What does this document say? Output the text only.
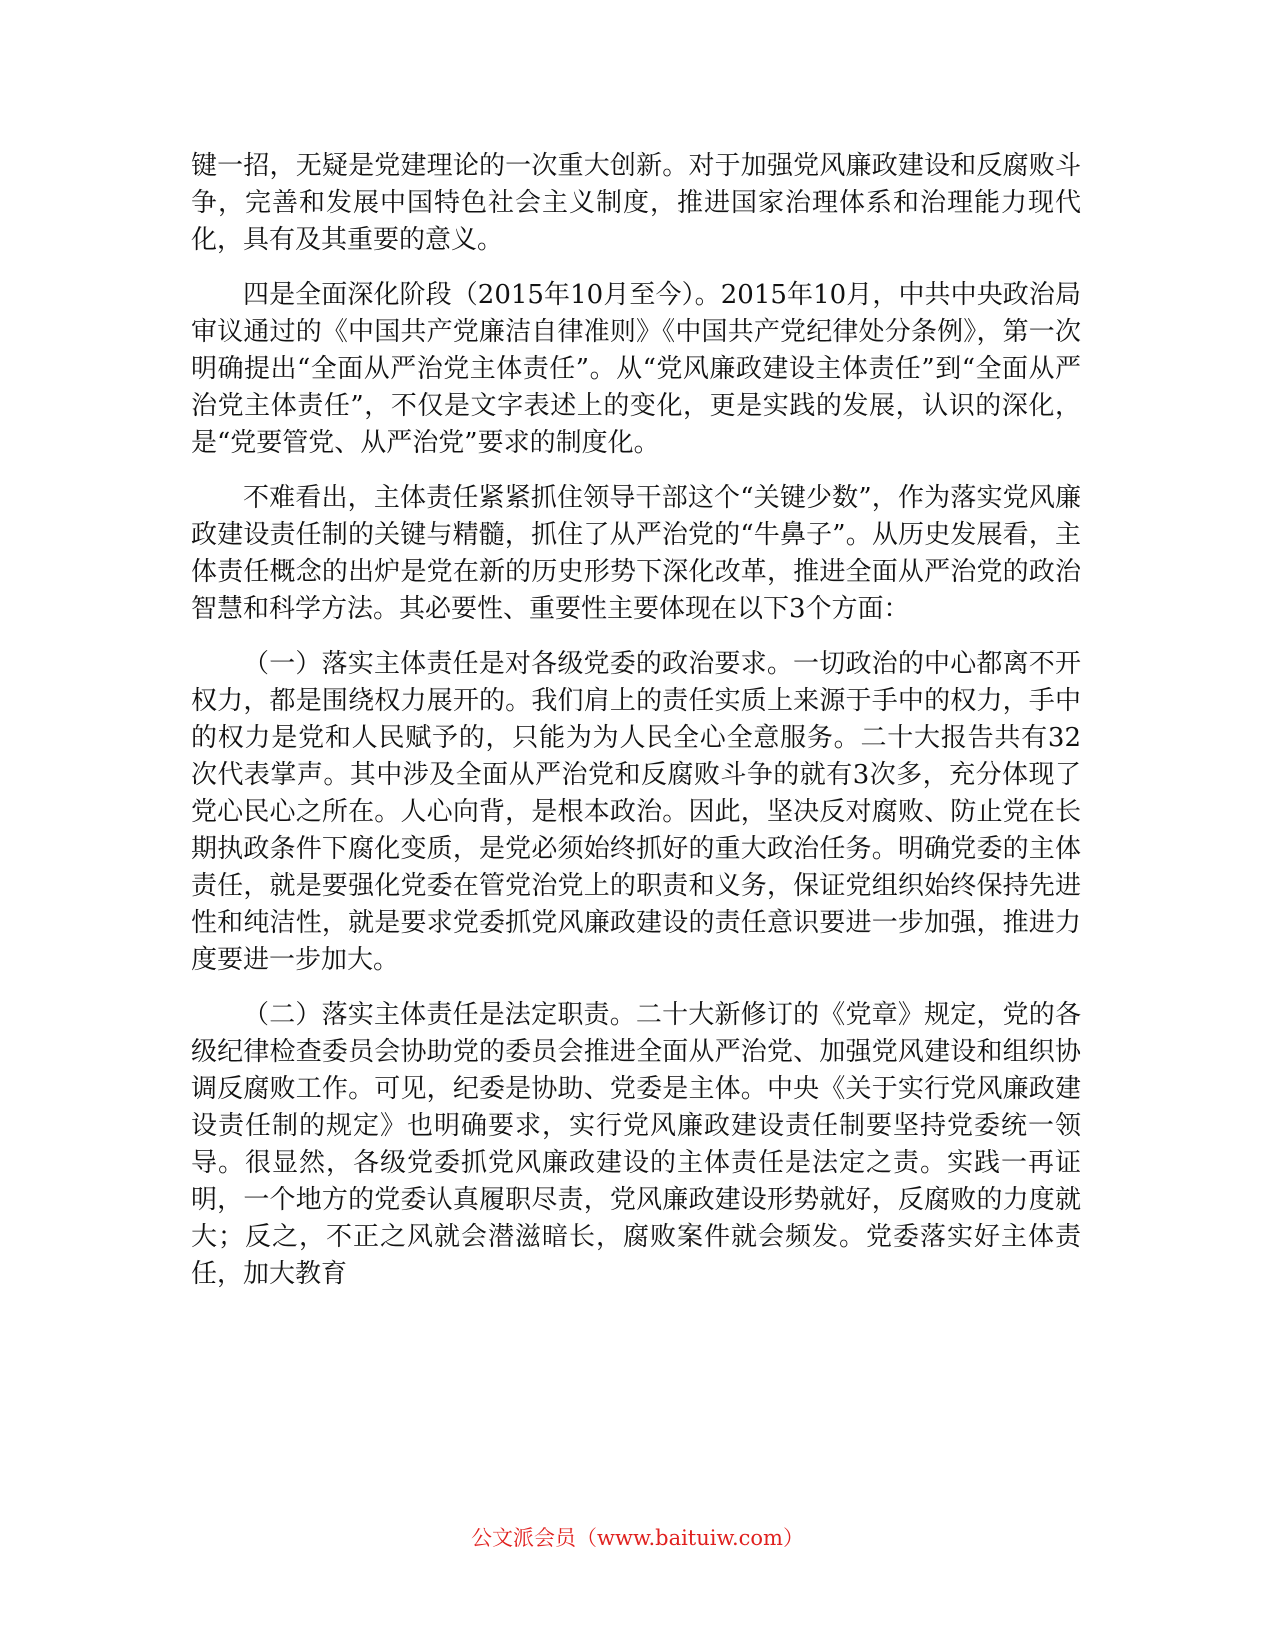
键一招，无疑是党建理论的一次重大创新。对于加强党风廉政建设和反腐败斗争，完善和发展中国特色社会主义制度，推进国家治理体系和治理能力现代化，具有及其重要的意义。

四是全面深化阶段（2015年10月至今）。2015年10月，中共中央政治局审议通过的《中国共产党廉洁自律准则》《中国共产党纪律处分条例》，第一次明确提出“全面从严治党主体责任”。从“党风廉政建设主体责任”到“全面从严治党主体责任”，不仅是文字表述上的变化，更是实践的发展，认识的深化，是“党要管党、从严治党”要求的制度化。

不难看出，主体责任紧紧抓住领导干部这个“关键少数”，作为落实党风廉政建设责任制的关键与精髓，抓住了从严治党的“牛鼻子”。从历史发展看，主体责任概念的出炉是党在新的历史形势下深化改革，推进全面从严治党的政治智慧和科学方法。其必要性、重要性主要体现在以下3个方面：

（一）落实主体责任是对各级党委的政治要求。一切政治的中心都离不开权力，都是围绕权力展开的。我们肩上的责任实质上来源于手中的权力，手中的权力是党和人民赋予的，只能为为人民全心全意服务。二十大报告共有32次代表掌声。其中涉及全面从严治党和反腐败斗争的就有3次多，充分体现了党心民心之所在。人心向背，是根本政治。因此，坚决反对腐败、防止党在长期执政条件下腐化变质，是党必须始终抓好的重大政治任务。明确党委的主体责任，就是要强化党委在管党治党上的职责和义务，保证党组织始终保持先进性和纯洁性，就是要求党委抓党风廉政建设的责任意识要进一步加强，推进力度要进一步加大。

（二）落实主体责任是法定职责。二十大新修订的《党章》规定，党的各级纪律检查委员会协助党的委员会推进全面从严治党、加强党风建设和组织协调反腐败工作。可见，纪委是协助、党委是主体。中央《关于实行党风廉政建设责任制的规定》也明确要求，实行党风廉政建设责任制要坚持党委统一领导。很显然，各级党委抓党风廉政建设的主体责任是法定之责。实践一再证明，一个地方的党委认真履职尽责，党风廉政建设形势就好，反腐败的力度就大；反之，不正之风就会潜滋暗长，腐败案件就会频发。党委落实好主体责任，加大教育

公文派会员（www.baituiw.com）
